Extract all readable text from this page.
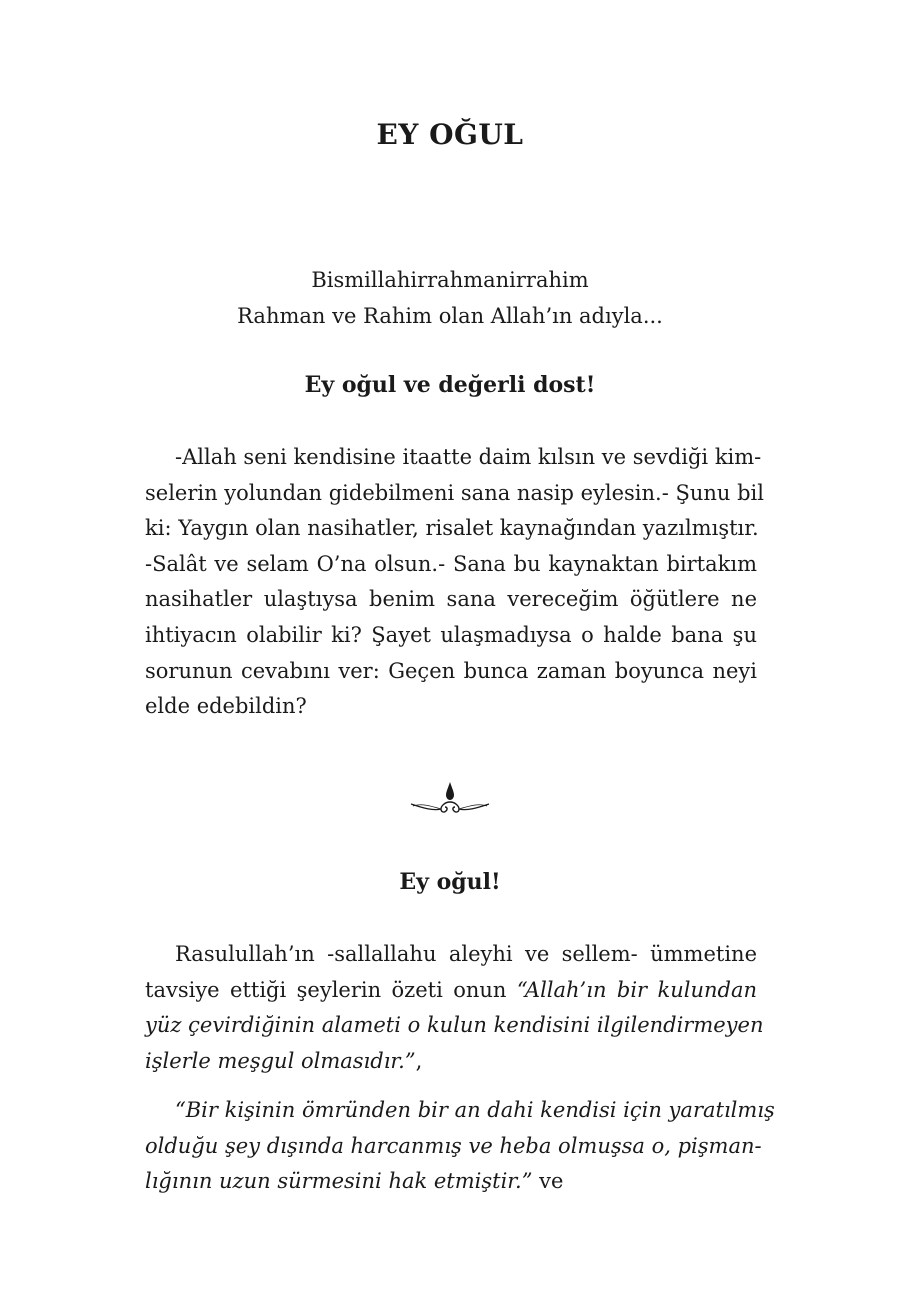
EY OĞUL
Bismillahirrahmanirrahim
Rahman ve Rahim olan Allah’ın adıyla...
Ey oğul ve değerli dost!
-Allah seni kendisine itaatte daim kılsın ve sevdiği kim-
selerin yolundan gidebilmeni sana nasip eylesin.- Şunu bil
ki: Yaygın olan nasihatler, risalet kaynağından yazılmıştır.
-Salât ve selam O’na olsun.- Sana bu kaynaktan birtakım
nasihatler ulaştıysa benim sana vereceğim öğütlere ne
ihtiyacın olabilir ki? Şayet ulaşmadıysa o halde bana şu
sorunun cevabını ver: Geçen bunca zaman boyunca neyi
elde edebildin?
Ey oğul!
Rasulullah’ın -sallallahu aleyhi ve sellem- ümmetine
tavsiye ettiği şeylerin özeti onun “Allah’ın bir kulundan
yüz çevirdiğinin alameti o kulun kendisini ilgilendirmeyen
işlerle meşgul olmasıdır.”,
“Bir kişinin ömründen bir an dahi kendisi için yaratılmış
olduğu şey dışında harcanmış ve heba olmuşsa o, pişman-
lığının uzun sürmesini hak etmiştir.” ve
